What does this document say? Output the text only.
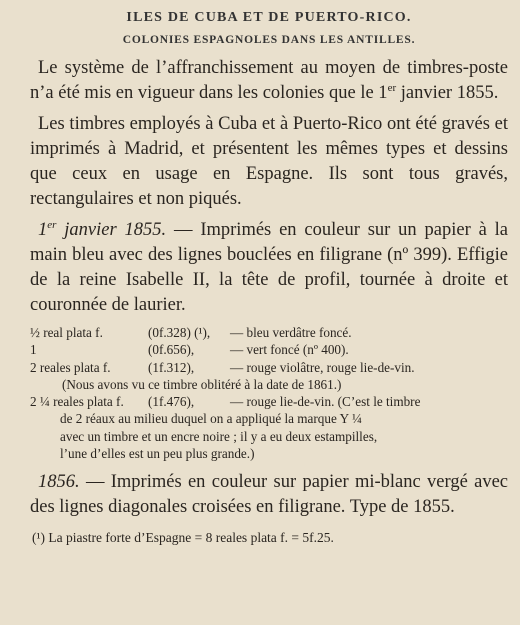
ILES DE CUBA ET DE PUERTO-RICO.
COLONIES ESPAGNOLES DANS LES ANTILLES.

Le système de l’affranchissement au moyen de timbres-poste n’a été mis en vigueur dans les colonies que le 1er janvier 1855.

Les timbres employés à Cuba et à Puerto-Rico ont été gravés et imprimés à Madrid, et présentent les mêmes types et dessins que ceux en usage en Espagne. Ils sont tous gravés, rectangulaires et non piqués.

1er janvier 1855. — Imprimés en couleur sur un papier à la main bleu avec des lignes bouclées en filigrane (nº 399). Effigie de la reine Isabelle II, la tête de profil, tournée à droite et couronnée de laurier.

½ real plata f.	(0f.328) (¹),	— bleu verdâtre foncé.
1	(0f.656),	— vert foncé (nº 400).
2 reales plata f.	(1f.312),	— rouge violâtre, rouge lie-de-vin.
(Nous avons vu ce timbre oblitéré à la date de 1861.)
2 ¼ reales plata f.	(1f.476),	— rouge lie-de-vin. (C’est le timbre
de 2 réaux au milieu duquel on a appliqué la marque Y ¼
avec un timbre et un encre noire ; il y a eu deux estampilles,
l’une d’elles est un peu plus grande.)

1856. — Imprimés en couleur sur papier mi-blanc vergé avec des lignes diagonales croisées en filigrane. Type de 1855.

(¹) La piastre forte d’Espagne = 8 reales plata f. = 5f.25.
